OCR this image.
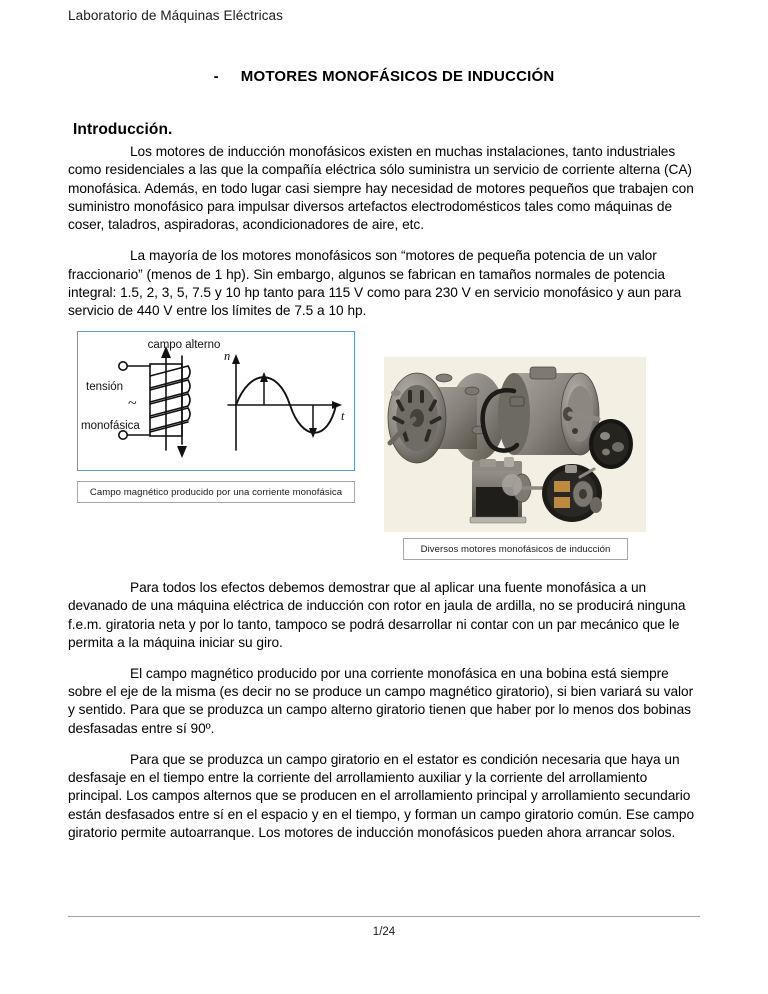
Laboratorio de Máquinas Eléctricas
- MOTORES MONOFÁSICOS DE INDUCCIÓN
Introducción.

Los motores de inducción monofásicos existen en muchas instalaciones, tanto industriales como residenciales a las que la compañía eléctrica sólo suministra un servicio de corriente alterna (CA) monofásica. Además, en todo lugar casi siempre hay necesidad de motores pequeños que trabajen con suministro monofásico para impulsar diversos artefactos electrodomésticos tales como máquinas de coser, taladros, aspiradoras, acondicionadores de aire, etc.

La mayoría de los motores monofásicos son “motores de pequeña potencia de un valor fraccionario” (menos de 1 hp). Sin embargo, algunos se fabrican en tamaños normales de potencia integral: 1.5, 2, 3, 5, 7.5 y 10 hp tanto para 115 V como para 230 V en servicio monofásico y aun para servicio de 440 V entre los límites de 7.5 a 10 hp.

campo alterno
tensión
~
monofásica
n
t
Campo magnético producido por una corriente monofásica
Diversos motores monofásicos de inducción

Para todos los efectos debemos demostrar que al aplicar una fuente monofásica a un devanado de una máquina eléctrica de inducción con rotor en jaula de ardilla, no se producirá ninguna f.e.m. giratoria neta y por lo tanto, tampoco se podrá desarrollar ni contar con un par mecánico que le permita a la máquina iniciar su giro.

El campo magnético producido por una corriente monofásica en una bobina está siempre sobre el eje de la misma (es decir no se produce un campo magnético giratorio), si bien variará su valor y sentido. Para que se produzca un campo alterno giratorio tienen que haber por lo menos dos bobinas desfasadas entre sí 90º.

Para que se produzca un campo giratorio en el estator es condición necesaria que haya un desfasaje en el tiempo entre la corriente del arrollamiento auxiliar y la corriente del arrollamiento principal. Los campos alternos que se producen en el arrollamiento principal y arrollamiento secundario están desfasados entre sí en el espacio y en el tiempo, y forman un campo giratorio común. Ese campo giratorio permite autoarranque. Los motores de inducción monofásicos pueden ahora arrancar solos.

1/24
